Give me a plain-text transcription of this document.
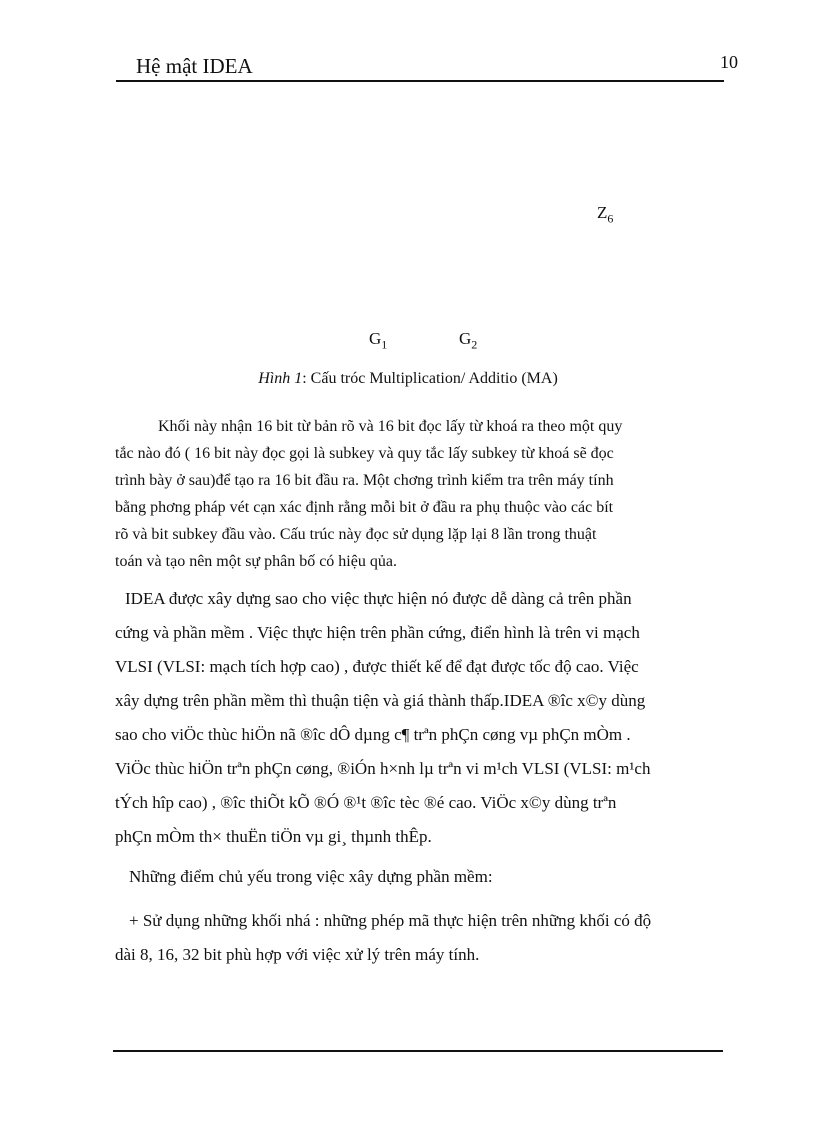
Hệ mật IDEA	10
$Z_6$
$G_1$	$G_2$
Hình 1: Cấu tróc Multiplication/ Additio (MA)
Khối này nhận 16 bit từ bản rõ và 16 bit đọc lấy từ khoá ra theo một quy
tắc nào đó ( 16 bit này đọc gọi là subkey và quy tắc lấy subkey từ khoá sẽ đọc
trình bày ở sau)để tạo ra 16 bit đầu ra. Một chơng trình kiểm tra trên máy tính
bằng phơng pháp vét cạn xác định rằng mỗi bit ở đầu ra phụ thuộc vào các bít
rõ và bit subkey đầu vào. Cấu trúc này đọc sử dụng lặp lại 8 lần trong thuật
toán và tạo nên một sự phân bố có hiệu qủa.
IDEA được xây dựng sao cho việc thực hiện nó được dễ dàng cả trên phần
cứng và phần mềm . Việc thực hiện trên phần cứng, điển hình là trên vi mạch
VLSI (VLSI: mạch tích hợp cao) , được thiết kế để đạt được tốc độ cao. Việc
xây dựng trên phần mềm thì thuận tiện và giá thành thấp.IDEA ®îc x©y dùng
sao cho viÖc thùc hiÖn nã ®îc dÔ dµng c¶ trªn phÇn cøng vµ phÇn mÒm .
ViÖc thùc hiÖn trªn phÇn cøng, ®iÓn h×nh lµ trªn vi m¹ch VLSI (VLSI: m¹ch
tÝch hîp cao) , ®îc thiÕt kÕ ®Ó ®¹t ®îc tèc ®é cao. ViÖc x©y dùng trªn
phÇn mÒm th× thuËn tiÖn vµ gi¸ thµnh thÊp.
Những điểm chủ yếu trong việc xây dựng phần mềm:
+ Sử dụng những khối nhá : những phép mã thực hiện trên những khối có độ
dài 8, 16, 32 bit phù hợp với việc xử lý trên máy tính.
